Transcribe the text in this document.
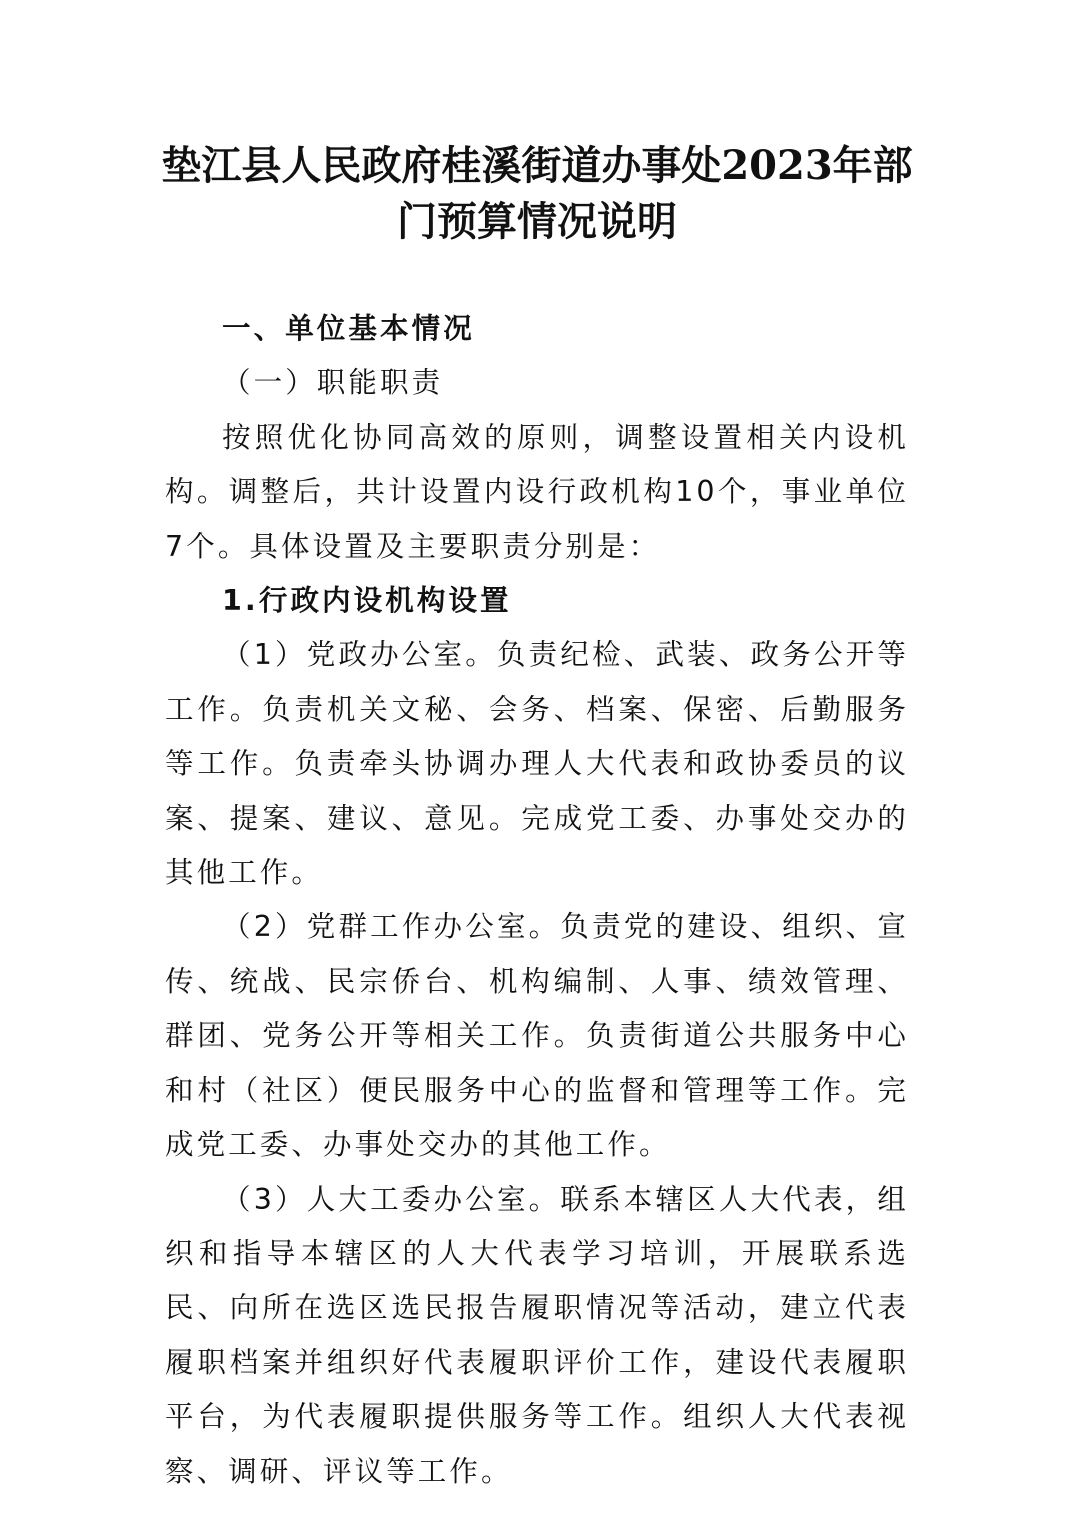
垫江县人民政府桂溪街道办事处2023年部
门预算情况说明

一、单位基本情况

（一）职能职责

按照优化协同高效的原则，调整设置相关内设机构。调整后，共计设置内设行政机构10个，事业单位7个。具体设置及主要职责分别是：

1.行政内设机构设置

（1）党政办公室。负责纪检、武装、政务公开等工作。负责机关文秘、会务、档案、保密、后勤服务等工作。负责牵头协调办理人大代表和政协委员的议案、提案、建议、意见。完成党工委、办事处交办的其他工作。

（2）党群工作办公室。负责党的建设、组织、宣传、统战、民宗侨台、机构编制、人事、绩效管理、群团、党务公开等相关工作。负责街道公共服务中心和村（社区）便民服务中心的监督和管理等工作。完成党工委、办事处交办的其他工作。

（3）人大工委办公室。联系本辖区人大代表，组织和指导本辖区的人大代表学习培训，开展联系选民、向所在选区选民报告履职情况等活动，建立代表履职档案并组织好代表履职评价工作，建设代表履职平台，为代表履职提供服务等工作。组织人大代表视察、调研、评议等工作。
